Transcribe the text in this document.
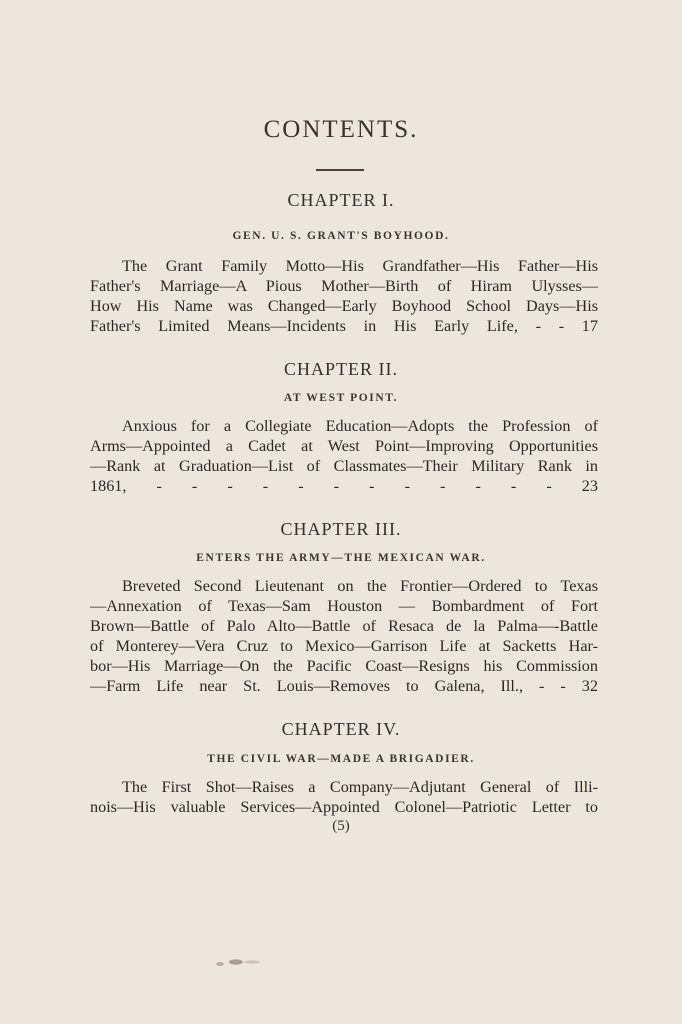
CONTENTS.
CHAPTER I.
GEN. U. S. GRANT'S BOYHOOD.
The Grant Family Motto—His Grandfather—His Father—His
Father's Marriage—A Pious Mother—Birth of Hiram Ulysses—
How His Name was Changed—Early Boyhood School Days—His
Father's Limited Means—Incidents in His Early Life, - - 17
CHAPTER II.
AT WEST POINT.
Anxious for a Collegiate Education—Adopts the Profession of
Arms—Appointed a Cadet at West Point—Improving Opportunities
—Rank at Graduation—List of Classmates—Their Military Rank in
1861, - - - - - - - - - - - - 23
CHAPTER III.
ENTERS THE ARMY—THE MEXICAN WAR.
Breveted Second Lieutenant on the Frontier—Ordered to Texas
—Annexation of Texas—Sam Houston — Bombardment of Fort
Brown—Battle of Palo Alto—Battle of Resaca de la Palma—-Battle
of Monterey—Vera Cruz to Mexico—Garrison Life at Sacketts Har-
bor—His Marriage—On the Pacific Coast—Resigns his Commission
—Farm Life near St. Louis—Removes to Galena, Ill., - - 32
CHAPTER IV.
THE CIVIL WAR—MADE A BRIGADIER.
The First Shot—Raises a Company—Adjutant General of Illi-
nois—His valuable Services—Appointed Colonel—Patriotic Letter to
(5)
